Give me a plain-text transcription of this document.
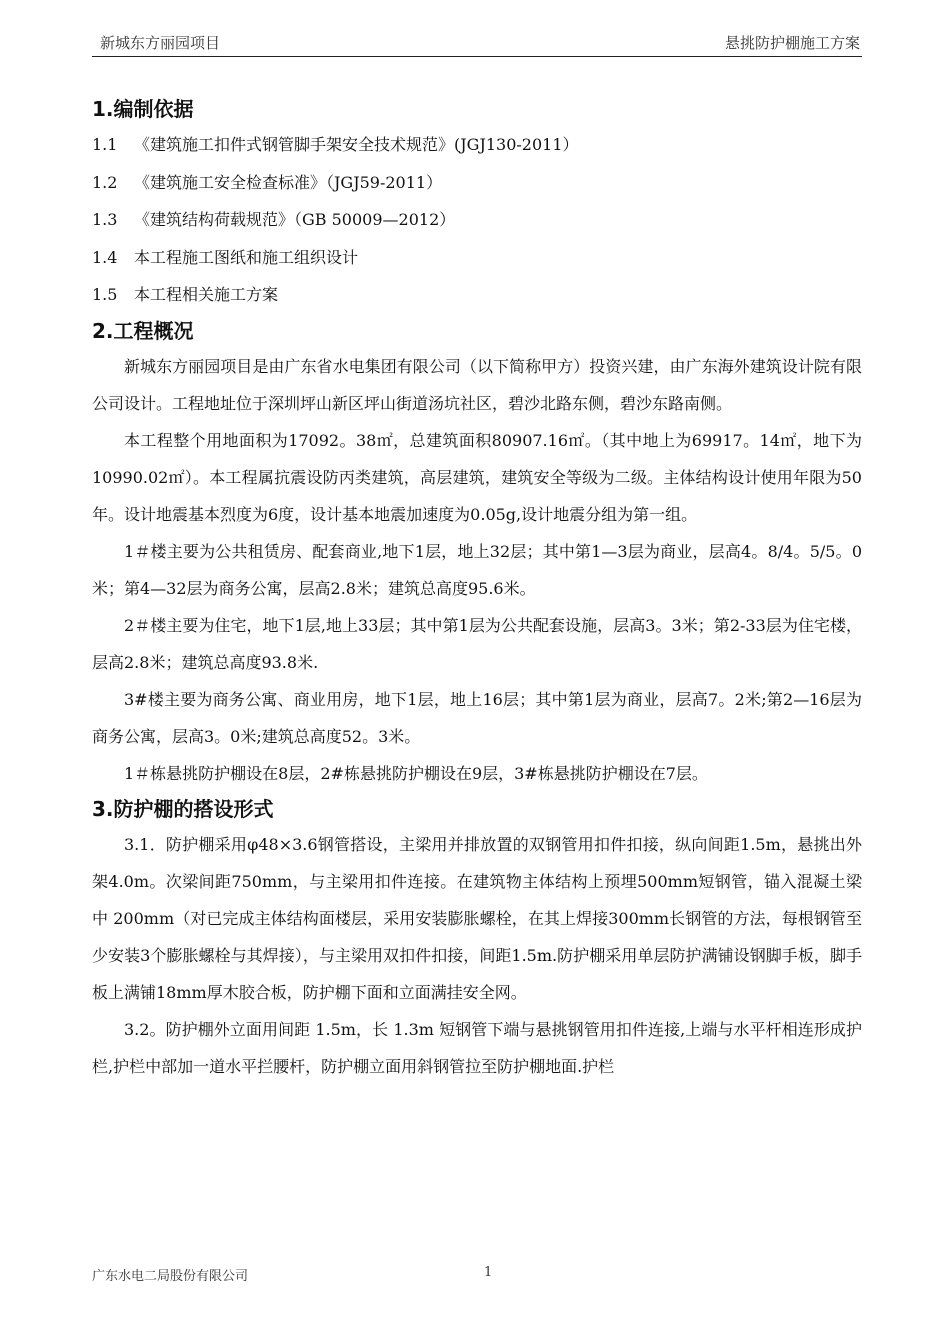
新城东方丽园项目	悬挑防护棚施工方案
1.编制依据
1.1 《建筑施工扣件式钢管脚手架安全技术规范》(JGJ130-2011）
1.2 《建筑施工安全检查标准》（JGJ59-2011）
1.3 《建筑结构荷载规范》（GB 50009—2012）
1.4 本工程施工图纸和施工组织设计
1.5 本工程相关施工方案
2.工程概况

新城东方丽园项目是由广东省水电集团有限公司（以下简称甲方）投资兴建，由广东海外建筑设计院有限公司设计。工程地址位于深圳坪山新区坪山街道汤坑社区，碧沙北路东侧，碧沙东路南侧。

本工程整个用地面积为17092。38㎡，总建筑面积80907.16㎡。（其中地上为69917。14㎡，地下为10990.02㎡）。本工程属抗震设防丙类建筑，高层建筑，建筑安全等级为二级。主体结构设计使用年限为50年。设计地震基本烈度为6度，设计基本地震加速度为0.05g,设计地震分组为第一组。

1＃楼主要为公共租赁房、配套商业,地下1层，地上32层；其中第1—3层为商业，层高4。8/4。5/5。0米；第4—32层为商务公寓，层高2.8米；建筑总高度95.6米。

2＃楼主要为住宅，地下1层,地上33层；其中第1层为公共配套设施，层高3。3米；第2-33层为住宅楼，层高2.8米；建筑总高度93.8米.

3#楼主要为商务公寓、商业用房，地下1层，地上16层；其中第1层为商业，层高7。2米;第2—16层为商务公寓，层高3。0米;建筑总高度52。3米。

1＃栋悬挑防护棚设在8层，2#栋悬挑防护棚设在9层，3#栋悬挑防护棚设在7层。

3.防护棚的搭设形式

3.1．防护棚采用φ48×3.6钢管搭设，主梁用并排放置的双钢管用扣件扣接，纵向间距1.5m，悬挑出外架4.0m。次梁间距750mm，与主梁用扣件连接。在建筑物主体结构上预埋500mm短钢管，锚入混凝土梁中 200mm（对已完成主体结构面楼层，采用安装膨胀螺栓，在其上焊接300mm长钢管的方法，每根钢管至少安装3个膨胀螺栓与其焊接），与主梁用双扣件扣接，间距1.5m.防护棚采用单层防护满铺设钢脚手板，脚手板上满铺18mm厚木胶合板，防护棚下面和立面满挂安全网。

3.2。防护棚外立面用间距 1.5m，长 1.3m 短钢管下端与悬挑钢管用扣件连接,上端与水平杆相连形成护栏,护栏中部加一道水平拦腰杆，防护棚立面用斜钢管拉至防护棚地面.护栏

广东水电二局股份有限公司	1
